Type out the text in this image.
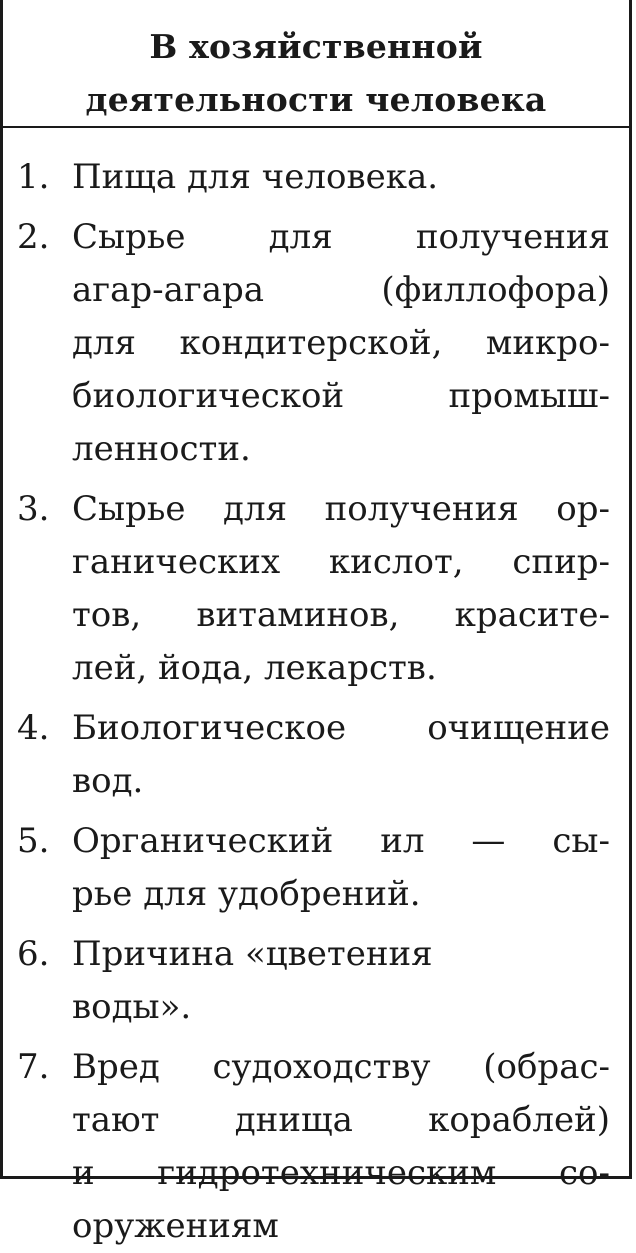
В хозяйственной
деятельности человека
1. Пища для человека.
2. Сырье для получения
агар-агара (филлофора)
для кондитерской, микро-
биологической промыш-
ленности.
3. Сырье для получения ор-
ганических кислот, спир-
тов, витаминов, красите-
лей, йода, лекарств.
4. Биологическое очищение
вод.
5. Органический ил — сы-
рье для удобрений.
6. Причина «цветения
воды».
7. Вред судоходству (обрас-
тают днища кораблей)
и гидротехническим со-
оружениям
